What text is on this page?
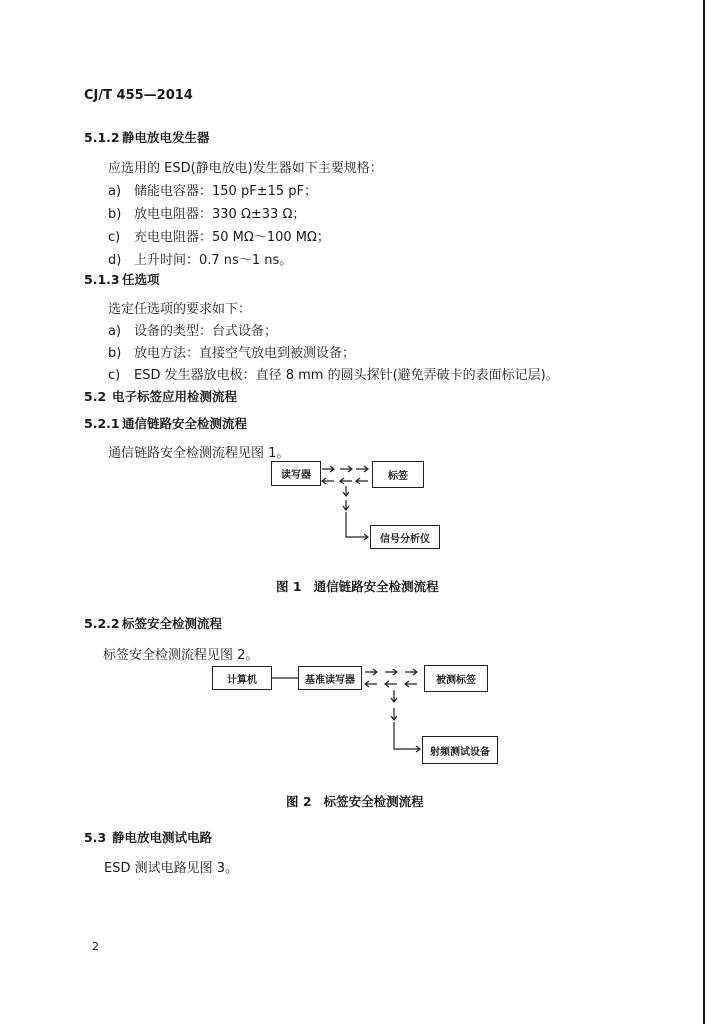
CJ/T 455—2014
5.1.2 静电放电发生器
应选用的 ESD(静电放电)发生器如下主要规格：
a) 储能电容器：150 pF±15 pF；
b) 放电电阻器：330 Ω±33 Ω；
c) 充电电阻器：50 MΩ～100 MΩ；
d) 上升时间：0.7 ns～1 ns。
5.1.3 任选项
选定任选项的要求如下：
a) 设备的类型：台式设备；
b) 放电方法：直接空气放电到被测设备；
c) ESD 发生器放电极：直径 8 mm 的圆头探针(避免弄破卡的表面标记层)。
5.2 电子标签应用检测流程
5.2.1 通信链路安全检测流程
通信链路安全检测流程见图 1。
读写器	标签
信号分析仪
图 1 通信链路安全检测流程
5.2.2 标签安全检测流程
标签安全检测流程见图 2。
计算机	基准读写器	被测标签
射频测试设备
图 2 标签安全检测流程
5.3 静电放电测试电路
ESD 测试电路见图 3。
2
